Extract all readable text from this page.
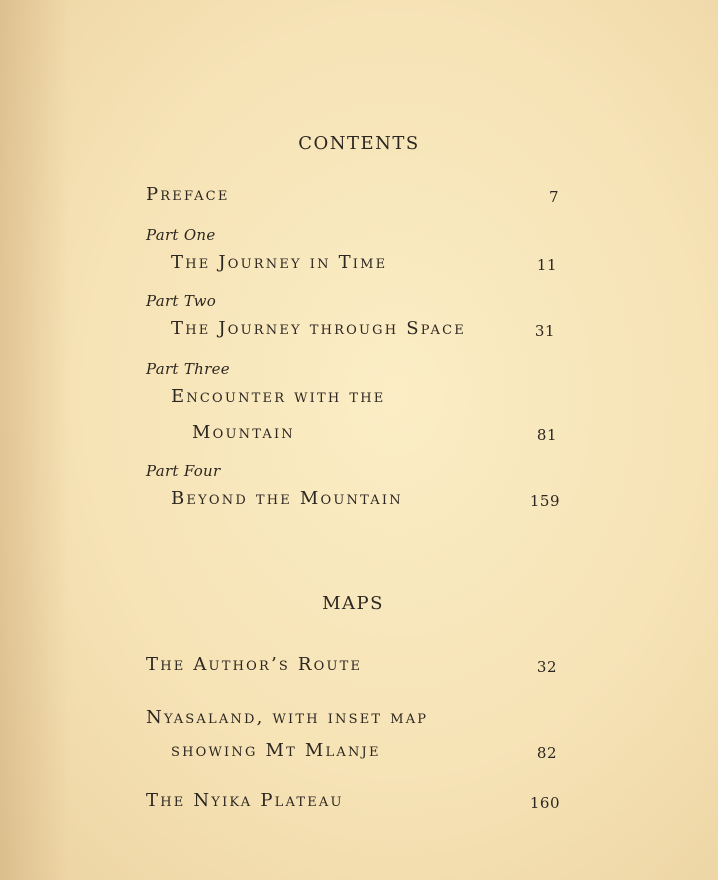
CONTENTS
Preface	7
Part One
The Journey in Time	11
Part Two
The Journey through Space	31
Part Three
Encounter with the
Mountain	81
Part Four
Beyond the Mountain	159
MAPS
The Author’s Route	32
Nyasaland, with inset map
showing Mt Mlanje	82
The Nyika Plateau	160
